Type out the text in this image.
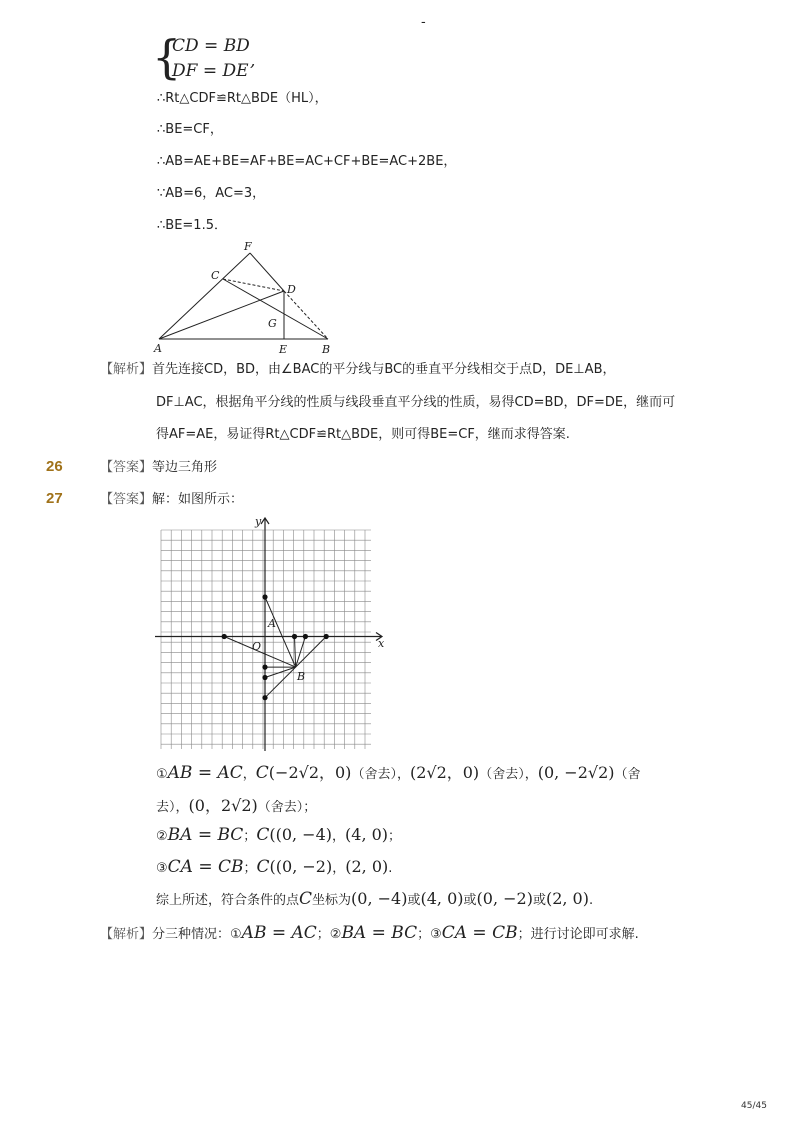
-
{
CD = BD
DF = DE ,
∴Rt△CDF≌Rt△BDE（HL），
∴BE=CF，
∴AB=AE+BE=AF+BE=AC+CF+BE=AC+2BE，
∵AB=6，AC=3，
∴BE=1.5．
F
C
D
G
A	E	B
【解析】首先连接CD，BD，由∠BAC的平分线与BC的垂直平分线相交于点D，DE⊥AB，
DF⊥AC，根据角平分线的性质与线段垂直平分线的性质，易得CD=BD，DF=DE，继而可
得AF=AE，易证得Rt△CDF≌Rt△BDE，则可得BE=CF，继而求得答案.
26	【答案】等边三角形
27	【答案】解：如图所示：
y
x
O
A
B
①AB = AC，C(−2√2，0)（舍去），(2√2，0)（舍去），(0, −2√2)（舍
去），(0，2√2)（舍去）；
②BA = BC；C((0, −4)，(4, 0)；
③CA = CB；C((0, −2)，(2, 0).
综上所述，符合条件的点C坐标为(0, −4)或(4, 0)或(0, −2)或(2, 0).
【解析】分三种情况：①AB = AC；②BA = BC；③CA = CB；进行讨论即可求解.
45/45
